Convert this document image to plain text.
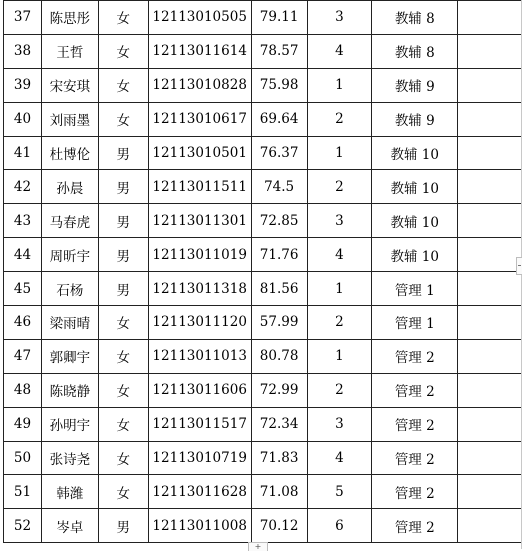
37	陈思彤	女	12113010505	79.11	3	教辅 8	
38	王哲	女	12113011614	78.57	4	教辅 8	
39	宋安琪	女	12113010828	75.98	1	教辅 9	
40	刘雨墨	女	12113010617	69.64	2	教辅 9	
41	杜博伦	男	12113010501	76.37	1	教辅 10	
42	孙晨	男	12113011511	74.5	2	教辅 10	
43	马春虎	男	12113011301	72.85	3	教辅 10	
44	周昕宇	男	12113011019	71.76	4	教辅 10	
45	石杨	男	12113011318	81.56	1	管理 1	
46	梁雨晴	女	12113011120	57.99	2	管理 1	
47	郭卿宇	女	12113011013	80.78	1	管理 2	
48	陈晓静	女	12113011606	72.99	2	管理 2	
49	孙明宇	女	12113011517	72.34	3	管理 2	
50	张诗尧	女	12113010719	71.83	4	管理 2	
51	韩潍	女	12113011628	71.08	5	管理 2	
52	岑卓	男	12113011008	70.12	6	管理 2	
+
